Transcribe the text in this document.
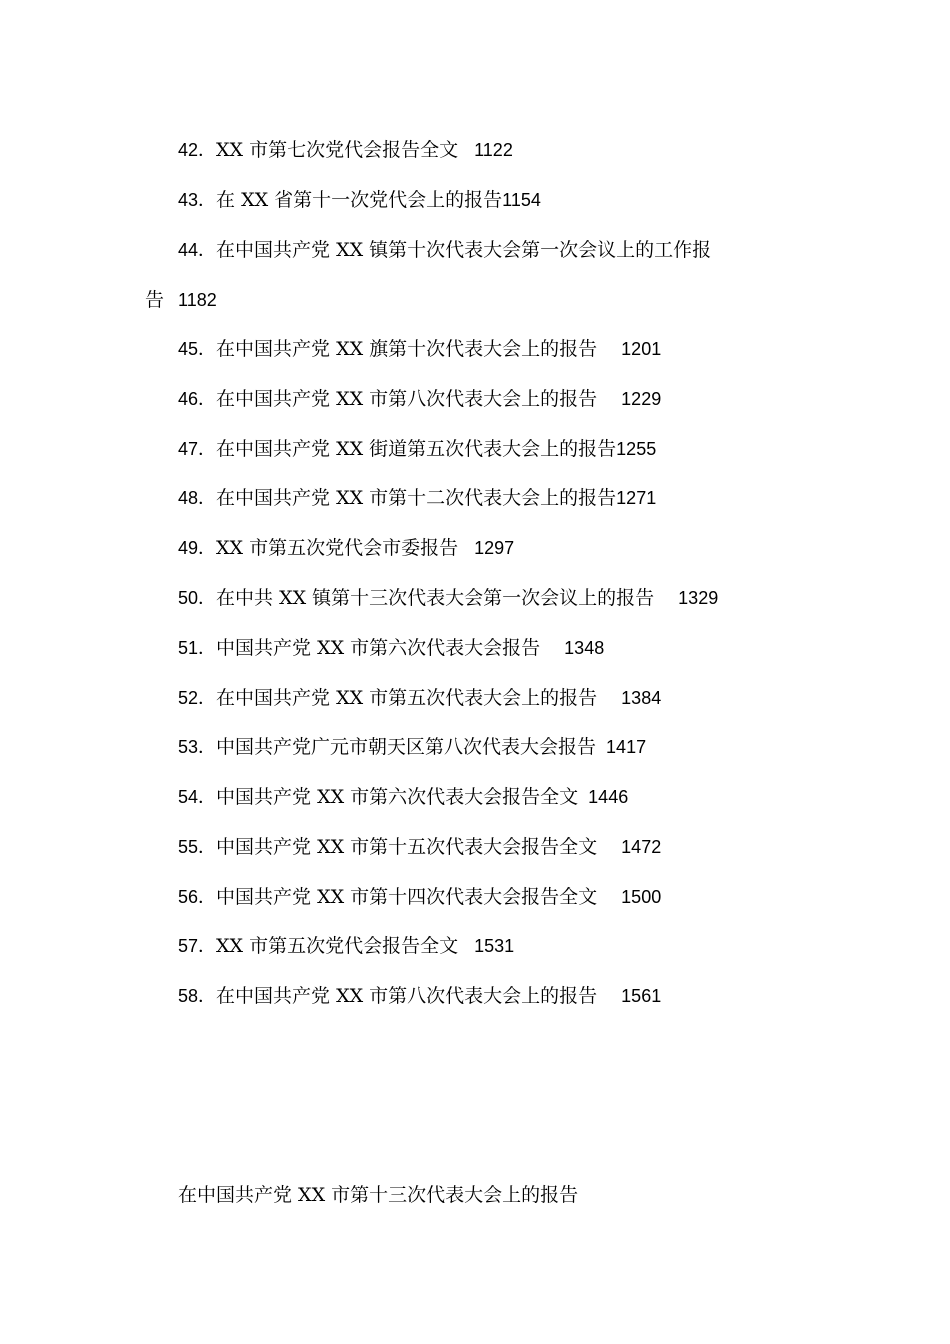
42．XX 市第七次党代会报告全文 1122
43．在 XX 省第十一次党代会上的报告1154
44．在中国共产党 XX 镇第十次代表大会第一次会议上的工作报
告 1182
45．在中国共产党 XX 旗第十次代表大会上的报告 1201
46．在中国共产党 XX 市第八次代表大会上的报告 1229
47．在中国共产党 XX 街道第五次代表大会上的报告1255
48．在中国共产党 XX 市第十二次代表大会上的报告1271
49．XX 市第五次党代会市委报告 1297
50．在中共 XX 镇第十三次代表大会第一次会议上的报告 1329
51．中国共产党 XX 市第六次代表大会报告 1348
52．在中国共产党 XX 市第五次代表大会上的报告 1384
53．中国共产党广元市朝天区第八次代表大会报告 1417
54．中国共产党 XX 市第六次代表大会报告全文 1446
55．中国共产党 XX 市第十五次代表大会报告全文 1472
56．中国共产党 XX 市第十四次代表大会报告全文 1500
57．XX 市第五次党代会报告全文 1531
58．在中国共产党 XX 市第八次代表大会上的报告 1561
在中国共产党 XX 市第十三次代表大会上的报告
